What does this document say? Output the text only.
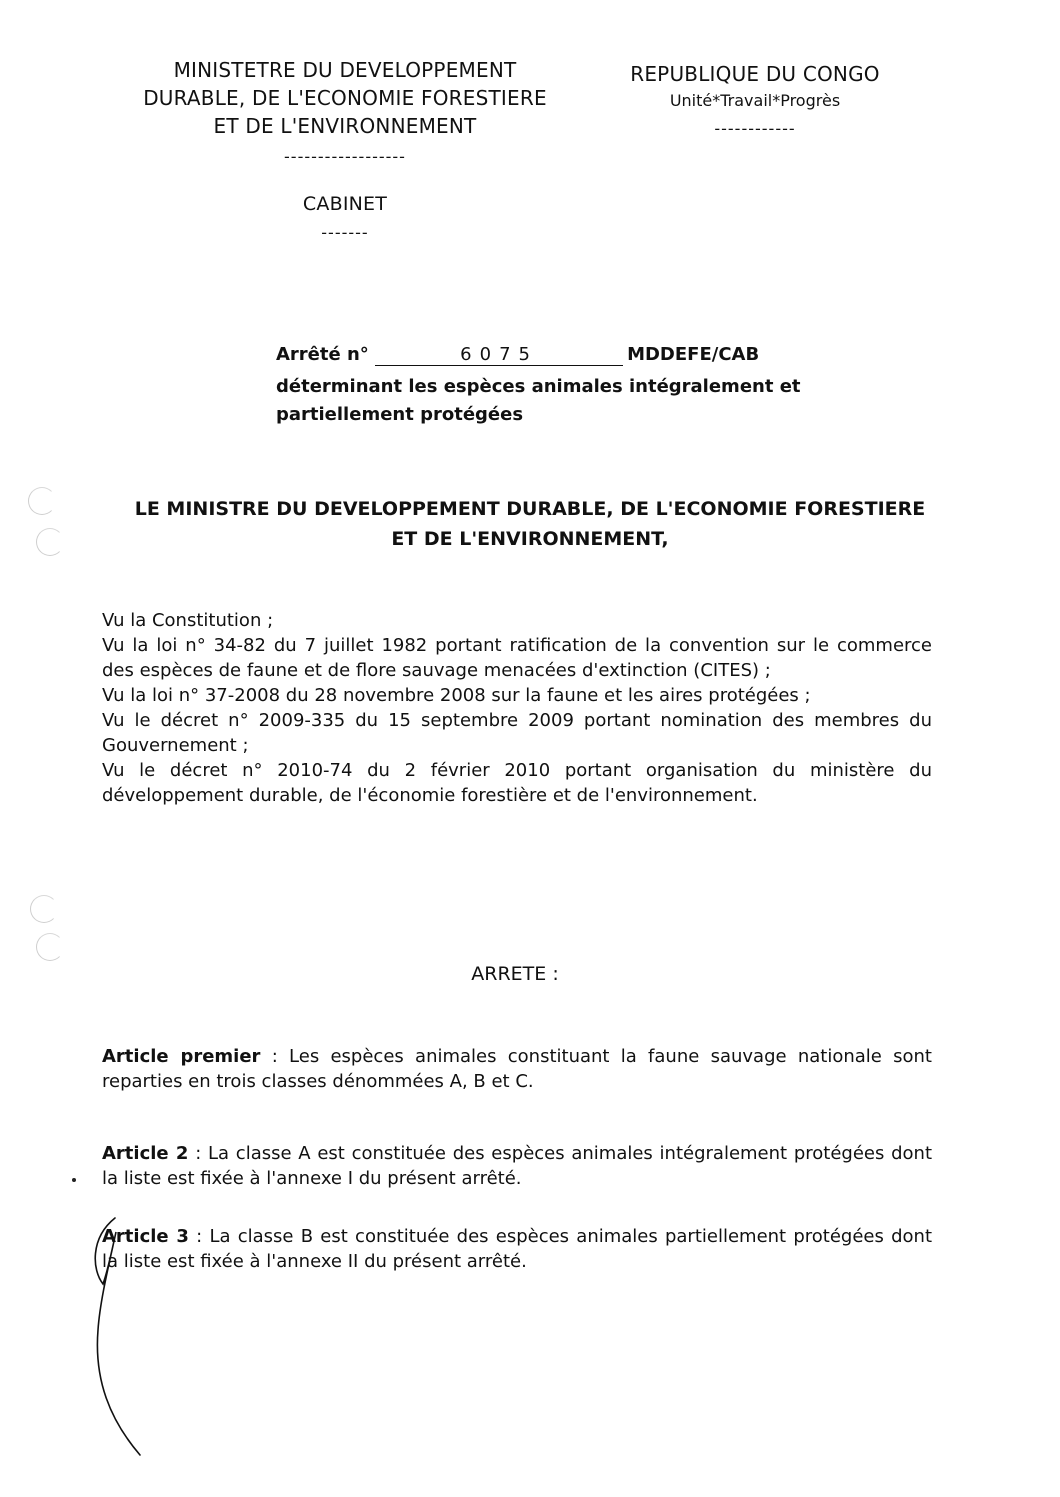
MINISTETRE DU DEVELOPPEMENT
DURABLE, DE L'ECONOMIE FORESTIERE
ET DE L'ENVIRONNEMENT
------------------
CABINET
-------
REPUBLIQUE DU CONGO
Unité*Travail*Progrès
------------
Arrêté n°	6075	MDDEFE/CAB
déterminant les espèces animales intégralement et
partiellement protégées
LE MINISTRE DU DEVELOPPEMENT DURABLE, DE L'ECONOMIE FORESTIERE
ET DE L'ENVIRONNEMENT,
Vu la Constitution ;
Vu la loi n° 34-82 du 7 juillet 1982 portant ratification de la convention sur le commerce des espèces de faune et de flore sauvage menacées d'extinction (CITES) ;
Vu la loi n° 37-2008 du 28 novembre 2008 sur la faune et les aires protégées ;
Vu le décret n° 2009-335 du 15 septembre 2009 portant nomination des membres du Gouvernement ;
Vu le décret n° 2010-74 du 2 février 2010 portant organisation du ministère du développement durable, de l'économie forestière et de l'environnement.
ARRETE :
Article premier : Les espèces animales constituant la faune sauvage nationale sont reparties en trois classes dénommées A, B et C.
Article 2 : La classe A est constituée des espèces animales intégralement protégées dont la liste est fixée à l'annexe I du présent arrêté.
Article 3 : La classe B est constituée des espèces animales partiellement protégées dont la liste est fixée à l'annexe II du présent arrêté.
